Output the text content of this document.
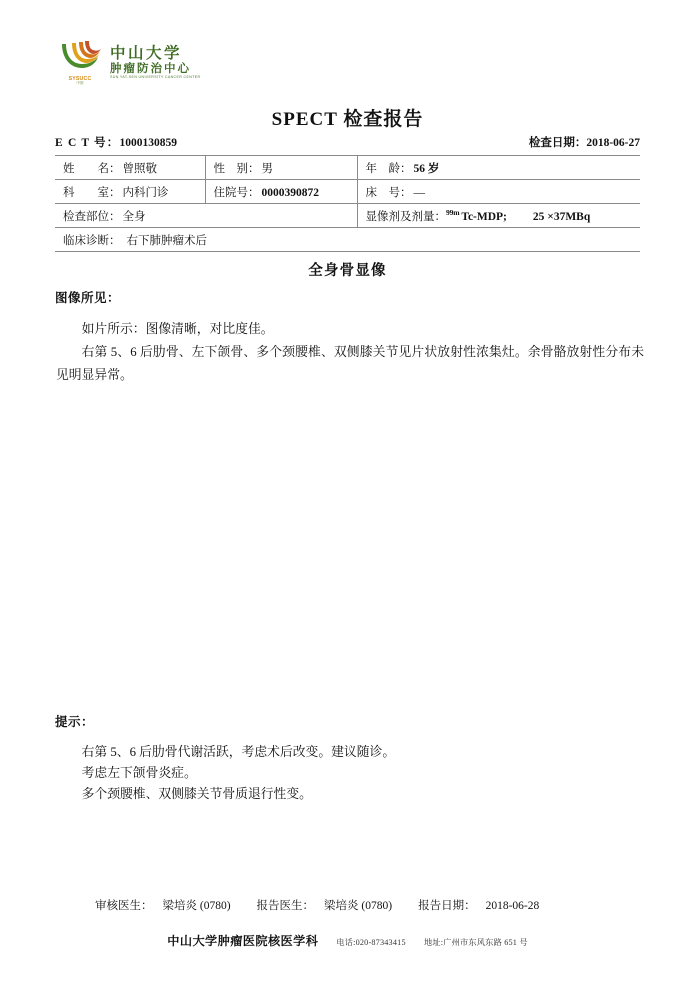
SYSUCC
中肿
中山大学
肿瘤防治中心
SUN YAT-SEN UNIVERSITY CANCER CENTER
SPECT 检查报告
E C T 号：1000130859	检查日期：2018-06-27
姓　　名： 曾照敬	性　别： 男	年　龄： 56 岁
科　　室： 内科门诊	住院号： 0000390872	床　号： —
检查部位： 全身		显像剂及剂量：$^{99m}$ Tc-MDP; 25 ×37MBq
临床诊断： 右下肺肿瘤术后		
全身骨显像
图像所见：

如片所示：图像清晰，对比度佳。

右第 5、6 后肋骨、左下颌骨、多个颈腰椎、双侧膝关节见片状放射性浓集灶。余骨骼放射性分布未见明显异常。

提示：

右第 5、6 后肋骨代谢活跃，考虑术后改变。建议随诊。

考虑左下颌骨炎症。

多个颈腰椎、双侧膝关节骨质退行性变。

审核医生： 梁培炎 (0780) 报告医生： 梁培炎 (0780) 报告日期： 2018-06-28
中山大学肿瘤医院核医学科 电话:020-87343415 地址:广州市东风东路 651 号
